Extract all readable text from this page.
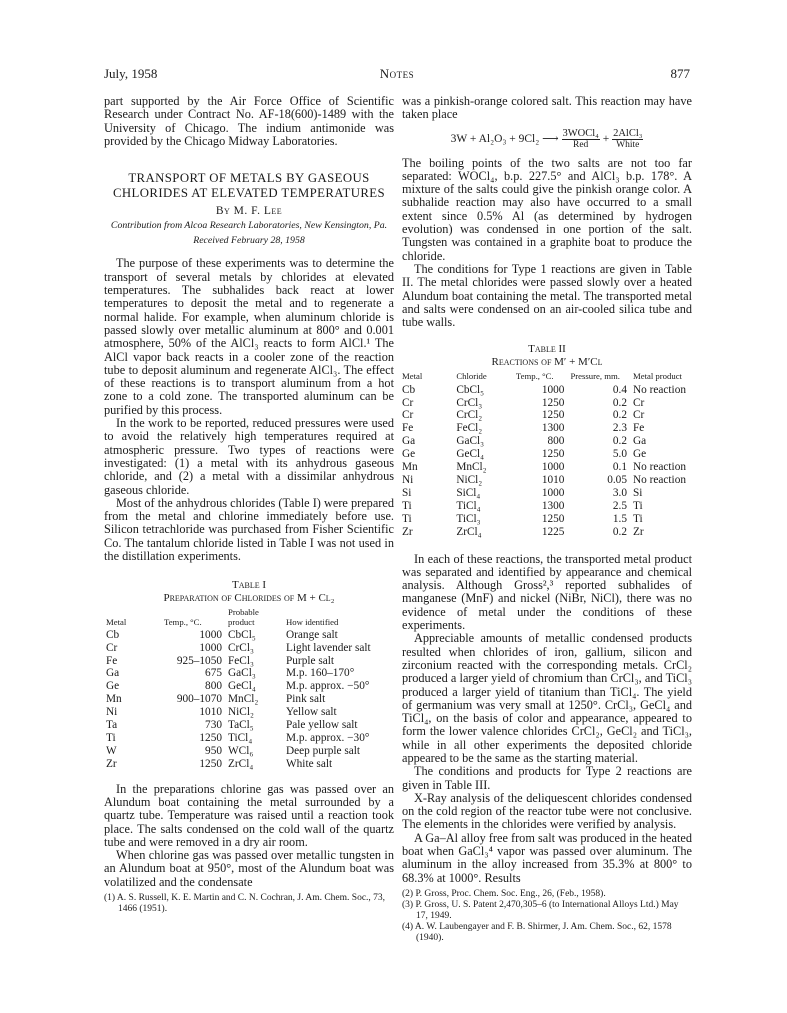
July, 1958	Notes	877

part supported by the Air Force Office of Scientific Research under Contract No. AF-18(600)-1489 with the University of Chicago. The indium antimonide was provided by the Chicago Midway Laboratories.

TRANSPORT OF METALS BY GASEOUS CHLORIDES AT ELEVATED TEMPERATURES
By M. F. Lee
Contribution from Alcoa Research Laboratories, New Kensington, Pa.
Received February 28, 1958

The purpose of these experiments was to determine the transport of several metals by chlorides at elevated temperatures. The subhalides back react at lower temperatures to deposit the metal and to regenerate a normal halide. For example, when aluminum chloride is passed slowly over metallic aluminum at 800° and 0.001 atmosphere, 50% of the AlCl₃ reacts to form AlCl.¹ The AlCl vapor back reacts in a cooler zone of the reaction tube to deposit aluminum and regenerate AlCl₃. The effect of these reactions is to transport aluminum from a hot zone to a cold zone. The transported aluminum can be purified by this process.

In the work to be reported, reduced pressures were used to avoid the relatively high temperatures required at atmospheric pressure. Two types of reactions were investigated: (1) a metal with its anhydrous gaseous chloride, and (2) a metal with a dissimilar anhydrous gaseous chloride.

Most of the anhydrous chlorides (Table I) were prepared from the metal and chlorine immediately before use. Silicon tetrachloride was purchased from Fisher Scientific Co. The tantalum chloride listed in Table I was not used in the distillation experiments.

Table I
Preparation of Chlorides of M + Cl₂
Metal	Temp., °C.	Probable product	How identified
Cb	1000	CbCl₅	Orange salt
Cr	1000	CrCl₃	Light lavender salt
Fe	925–1050	FeCl₃	Purple salt
Ga	675	GaCl₃	M.p. 160–170°
Ge	800	GeCl₄	M.p. approx. −50°
Mn	900–1070	MnCl₂	Pink salt
Ni	1010	NiCl₂	Yellow salt
Ta	730	TaCl₅	Pale yellow salt
Ti	1250	TiCl₄	M.p. approx. −30°
W	950	WCl₆	Deep purple salt
Zr	1250	ZrCl₄	White salt

In the preparations chlorine gas was passed over an Alundum boat containing the metal surrounded by a quartz tube. Temperature was raised until a reaction took place. The salts condensed on the cold wall of the quartz tube and were removed in a dry air room.

When chlorine gas was passed over metallic tungsten in an Alundum boat at 950°, most of the Alundum boat was volatilized and the condensate

(1) A. S. Russell, K. E. Martin and C. N. Cochran, J. Am. Chem. Soc., 73, 1466 (1951).

was a pinkish-orange colored salt. This reaction may have taken place

3W + Al₂O₃ + 9Cl₂ ⟶ $\frac{\text{3WOCl₄}}{\text{Red}} + \frac{\text{2AlCl₃}}{\text{White}}$

The boiling points of the two salts are not too far separated: WOCl₄, b.p. 227.5° and AlCl₃ b.p. 178°. A mixture of the salts could give the pinkish orange color. A subhalide reaction may also have occurred to a small extent since 0.5% Al (as determined by hydrogen evolution) was condensed in one portion of the salt. Tungsten was contained in a graphite boat to produce the chloride.

The conditions for Type 1 reactions are given in Table II. The metal chlorides were passed slowly over a heated Alundum boat containing the metal. The transported metal and salts were condensed on an air-cooled silica tube and tube walls.

Table II
Reactions of M′ + M′Cl
Metal	Chloride	Temp., °C.	Pressure, mm.	Metal product
Cb	CbCl₅	1000	0.4	No reaction
Cr	CrCl₃	1250	0.2	Cr
Cr	CrCl₂	1250	0.2	Cr
Fe	FeCl₂	1300	2.3	Fe
Ga	GaCl₃	800	0.2	Ga
Ge	GeCl₄	1250	5.0	Ge
Mn	MnCl₂	1000	0.1	No reaction
Ni	NiCl₂	1010	0.05	No reaction
Si	SiCl₄	1000	3.0	Si
Ti	TiCl₄	1300	2.5	Ti
Ti	TiCl₃	1250	1.5	Ti
Zr	ZrCl₄	1225	0.2	Zr

In each of these reactions, the transported metal product was separated and identified by appearance and chemical analysis. Although Gross²,³ reported subhalides of manganese (MnF) and nickel (NiBr, NiCl), there was no evidence of metal under the conditions of these experiments.

Appreciable amounts of metallic condensed products resulted when chlorides of iron, gallium, silicon and zirconium reacted with the corresponding metals. CrCl₂ produced a larger yield of chromium than CrCl₃, and TiCl₃ produced a larger yield of titanium than TiCl₄. The yield of germanium was very small at 1250°. CrCl₃, GeCl₄ and TiCl₄, on the basis of color and appearance, appeared to form the lower valence chlorides CrCl₂, GeCl₂ and TiCl₃, while in all other experiments the deposited chloride appeared to be the same as the starting material.

The conditions and products for Type 2 reactions are given in Table III.

X-Ray analysis of the deliquescent chlorides condensed on the cold region of the reactor tube were not conclusive. The elements in the chlorides were verified by analysis.

A Ga–Al alloy free from salt was produced in the heated boat when GaCl₃⁴ vapor was passed over aluminum. The aluminum in the alloy increased from 35.3% at 800° to 68.3% at 1000°. Results

(2) P. Gross, Proc. Chem. Soc. Eng., 26, (Feb., 1958).

(3) P. Gross, U. S. Patent 2,470,305–6 (to International Alloys Ltd.) May 17, 1949.

(4) A. W. Laubengayer and F. B. Shirmer, J. Am. Chem. Soc., 62, 1578 (1940).
